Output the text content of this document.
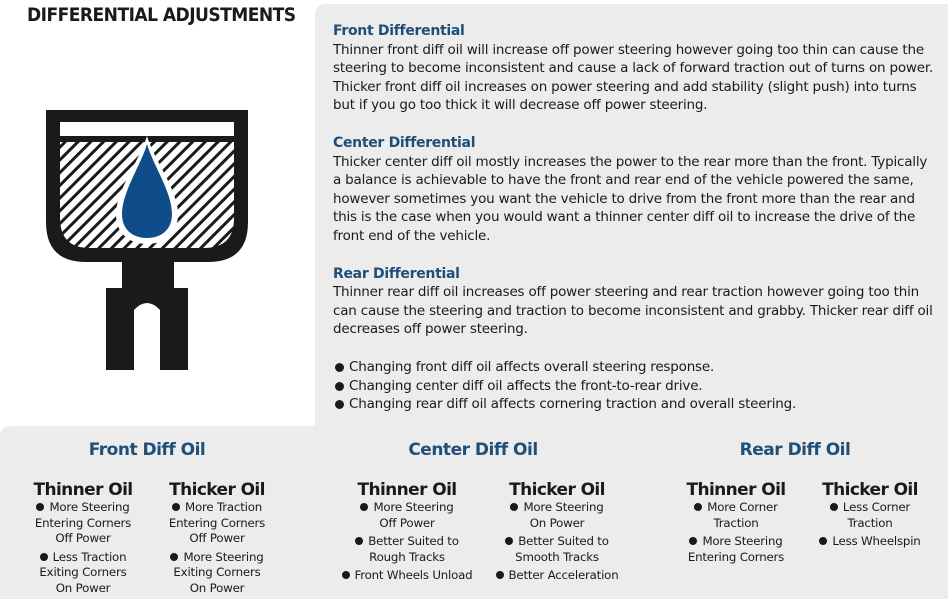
DIFFERENTIAL ADJUSTMENTS
Front Differential
Thinner front diff oil will increase off power steering however going too thin can cause the steering to become inconsistent and cause a lack of forward traction out of turns on power. Thicker front diff oil increases on power steering and add stability (slight push) into turns but if you go too thick it will decrease off power steering.
Center Differential
Thicker center diff oil mostly increases the power to the rear more than the front. Typically a balance is achievable to have the front and rear end of the vehicle powered the same, however sometimes you want the vehicle to drive from the front more than the rear and this is the case when you would want a thinner center diff oil to increase the drive of the front end of the vehicle.
Rear Differential
Thinner rear diff oil increases off power steering and rear traction however going too thin can cause the steering and traction to become inconsistent and grabby. Thicker rear diff oil decreases off power steering.
Changing front diff oil affects overall steering response.
Changing center diff oil affects the front-to-rear drive.
Changing rear diff oil affects cornering traction and overall steering.
Front Diff Oil
Thinner Oil
More Steering
Entering Corners
Off Power
Less Traction
Exiting Corners
On Power
Thicker Oil
More Traction
Entering Corners
Off Power
More Steering
Exiting Corners
On Power
Center Diff Oil
Thinner Oil
More Steering
Off Power
Better Suited to
Rough Tracks
Front Wheels Unload
Thicker Oil
More Steering
On Power
Better Suited to
Smooth Tracks
Better Acceleration
Rear Diff Oil
Thinner Oil
More Corner
Traction
More Steering
Entering Corners
Thicker Oil
Less Corner
Traction
Less Wheelspin
